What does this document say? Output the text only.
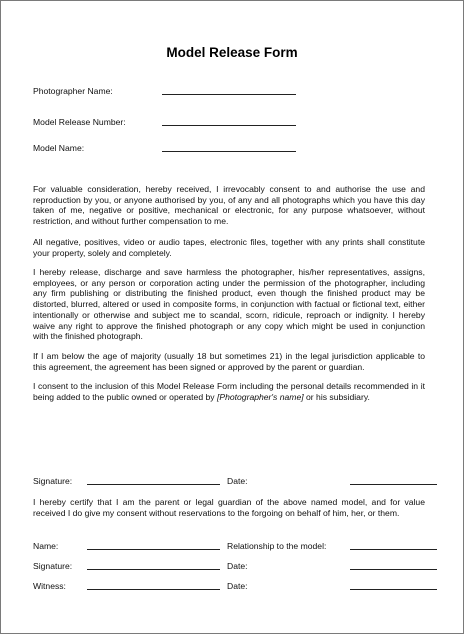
Model Release Form
Photographer Name:
Model Release Number:
Model Name:

For valuable consideration, hereby received, I irrevocably consent to and authorise the use and reproduction by you, or anyone authorised by you, of any and all photographs which you have this day taken of me, negative or positive, mechanical or electronic, for any purpose whatsoever, without restriction, and without further compensation to me.

All negative, positives, video or audio tapes, electronic files, together with any prints shall constitute your property, solely and completely.

I hereby release, discharge and save harmless the photographer, his/her representatives, assigns, employees, or any person or corporation acting under the permission of the photographer, including any firm publishing or distributing the finished product, even though the finished product may be distorted, blurred, altered or used in composite forms, in conjunction with factual or fictional text, either intentionally or otherwise and subject me to scandal, scorn, ridicule, reproach or indignity. I hereby waive any right to approve the finished photograph or any copy which might be used in conjunction with the finished photograph.

If I am below the age of majority (usually 18 but sometimes 21) in the legal jurisdiction applicable to this agreement, the agreement has been signed or approved by the parent or guardian.

I consent to the inclusion of this Model Release Form including the personal details recommended in it being added to the public owned or operated by [Photographer's name] or his subsidiary.

Signature:	Date:

I hereby certify that I am the parent or legal guardian of the above named model, and for value received I do give my consent without reservations to the forgoing on behalf of him, her, or them.

Name:	Relationship to the model:
Signature:	Date:
Witness:	Date:
